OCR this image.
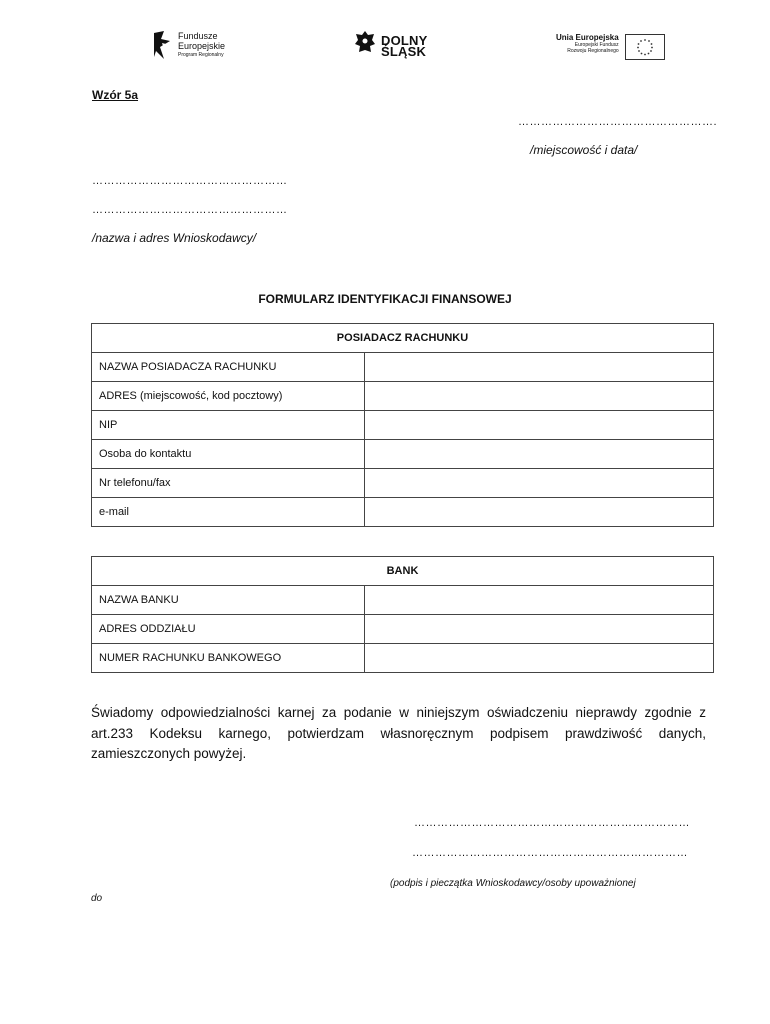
Fundusze
Europejskie
Program Regionalny
DOLNY
ŚLĄSK
Unia Europejska
Europejski Fundusz
Rozwoju Regionalnego
Wzór 5a
…………………………………………….
/miejscowość i data/
……………………………………………
……………………………………………
/nazwa i adres Wnioskodawcy/
FORMULARZ IDENTYFIKACJI FINANSOWEJ
POSIADACZ RACHUNKU	
NAZWA POSIADACZA RACHUNKU	
ADRES (miejscowość, kod pocztowy)	
NIP	
Osoba do kontaktu	
Nr telefonu/fax	
e-mail	
BANK	
NAZWA BANKU	
ADRES ODDZIAŁU	
NUMER RACHUNKU BANKOWEGO	
Świadomy odpowiedzialności karnej za podanie w niniejszym oświadczeniu nieprawdy zgodnie z art.233 Kodeksu karnego, potwierdzam własnoręcznym podpisem prawdziwość danych, zamieszczonych powyżej.
………………………………………………………………
………………………………………………………………
(podpis i pieczątka Wnioskodawcy/osoby upoważnionej
do
